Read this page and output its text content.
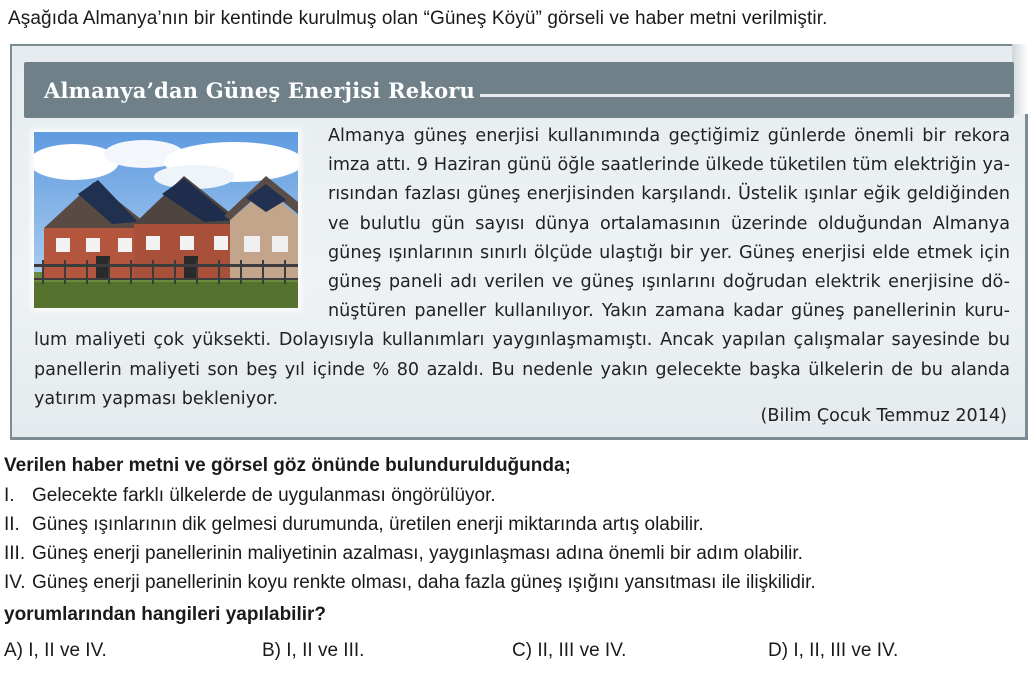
Aşağıda Almanya’nın bir kentinde kurulmuş olan “Güneş Köyü” görseli ve haber metni verilmiştir.
Almanya’dan Güneş Enerjisi Rekoru
Almanya güneş enerjisi kullanımında geçtiğimiz günlerde önemli bir rekora
imza attı. 9 Haziran günü öğle saatlerinde ülkede tüketilen tüm elektriğin ya-
rısından fazlası güneş enerjisinden karşılandı. Üstelik ışınlar eğik geldiğinden
ve bulutlu gün sayısı dünya ortalamasının üzerinde olduğundan Almanya
güneş ışınlarının sınırlı ölçüde ulaştığı bir yer. Güneş enerjisi elde etmek için
güneş paneli adı verilen ve güneş ışınlarını doğrudan elektrik enerjisine dö-
nüştüren paneller kullanılıyor. Yakın zamana kadar güneş panellerinin kuru-
lum maliyeti çok yüksekti. Dolayısıyla kullanımları yaygınlaşmamıştı. Ancak yapılan çalışmalar sayesinde bu
panellerin maliyeti son beş yıl içinde % 80 azaldı. Bu nedenle yakın gelecekte başka ülkelerin de bu alanda
yatırım yapması bekleniyor.
(Bilim Çocuk Temmuz 2014)
Verilen haber metni ve görsel göz önünde bulundurulduğunda;
I. Gelecekte farklı ülkelerde de uygulanması öngörülüyor.
II. Güneş ışınlarının dik gelmesi durumunda, üretilen enerji miktarında artış olabilir.
III. Güneş enerji panellerinin maliyetinin azalması, yaygınlaşması adına önemli bir adım olabilir.
IV. Güneş enerji panellerinin koyu renkte olması, daha fazla güneş ışığını yansıtması ile ilişkilidir.
yorumlarından hangileri yapılabilir?
A) I, II ve IV.	B) I, II ve III.	C) II, III ve IV.	D) I, II, III ve IV.
